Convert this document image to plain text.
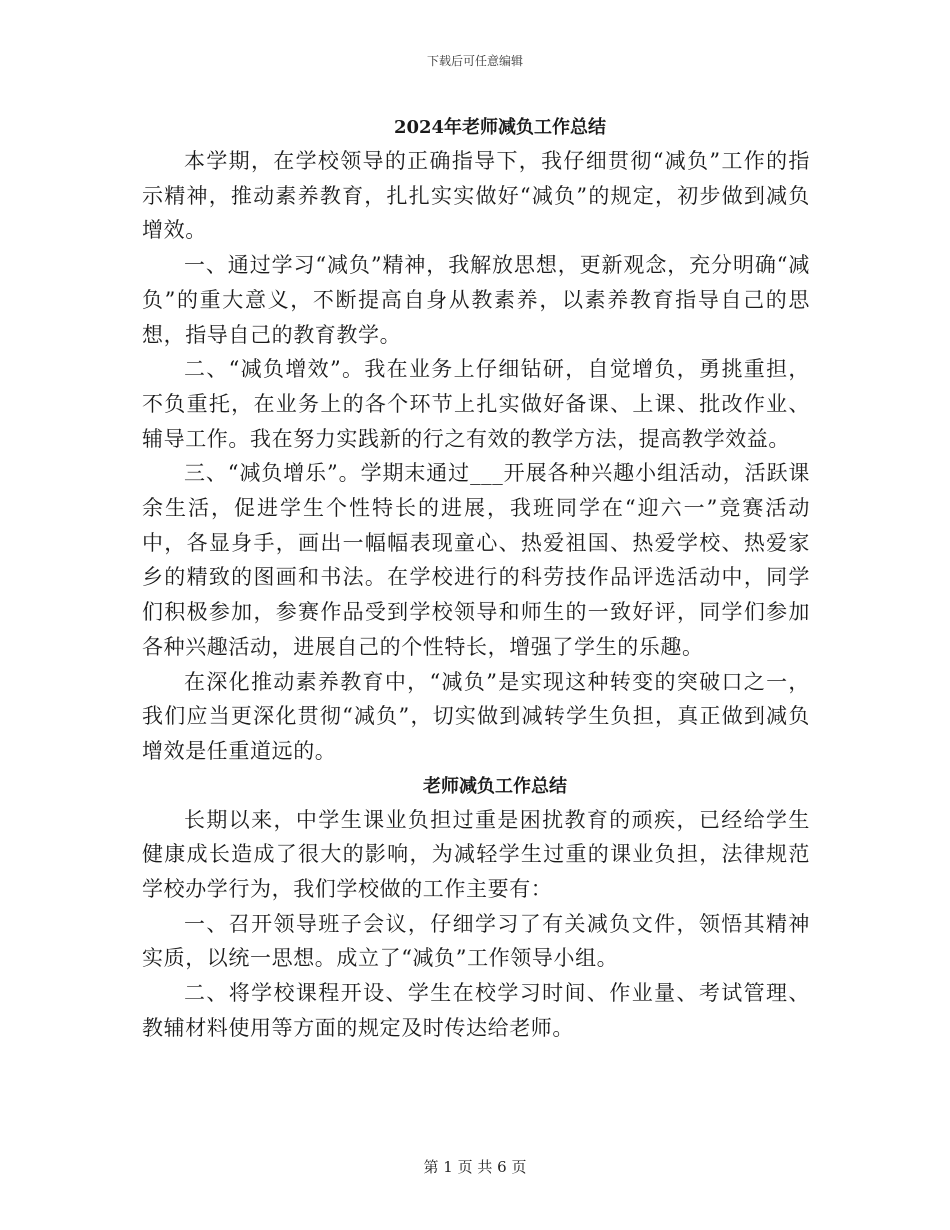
下载后可任意编辑
2024年老师减负工作总结

本学期，在学校领导的正确指导下，我仔细贯彻“减负”工作的指示精神，推动素养教育，扎扎实实做好“减负”的规定，初步做到减负增效。

一、通过学习“减负”精神，我解放思想，更新观念，充分明确“减负”的重大意义，不断提高自身从教素养，以素养教育指导自己的思想，指导自己的教育教学。

二、“减负增效”。我在业务上仔细钻研，自觉增负，勇挑重担，不负重托，在业务上的各个环节上扎实做好备课、上课、批改作业、辅导工作。我在努力实践新的行之有效的教学方法，提高教学效益。

三、“减负增乐”。学期末通过___开展各种兴趣小组活动，活跃课余生活，促进学生个性特长的进展，我班同学在“迎六一”竞赛活动中，各显身手，画出一幅幅表现童心、热爱祖国、热爱学校、热爱家乡的精致的图画和书法。在学校进行的科劳技作品评选活动中，同学们积极参加，参赛作品受到学校领导和师生的一致好评，同学们参加各种兴趣活动，进展自己的个性特长，增强了学生的乐趣。

在深化推动素养教育中，“减负”是实现这种转变的突破口之一，我们应当更深化贯彻“减负”，切实做到减转学生负担，真正做到减负增效是任重道远的。

老师减负工作总结

长期以来，中学生课业负担过重是困扰教育的顽疾，已经给学生健康成长造成了很大的影响，为减轻学生过重的课业负担，法律规范学校办学行为，我们学校做的工作主要有：

一、召开领导班子会议，仔细学习了有关减负文件，领悟其精神实质，以统一思想。成立了“减负”工作领导小组。

二、将学校课程开设、学生在校学习时间、作业量、考试管理、教辅材料使用等方面的规定及时传达给老师。

第 1 页 共 6 页
